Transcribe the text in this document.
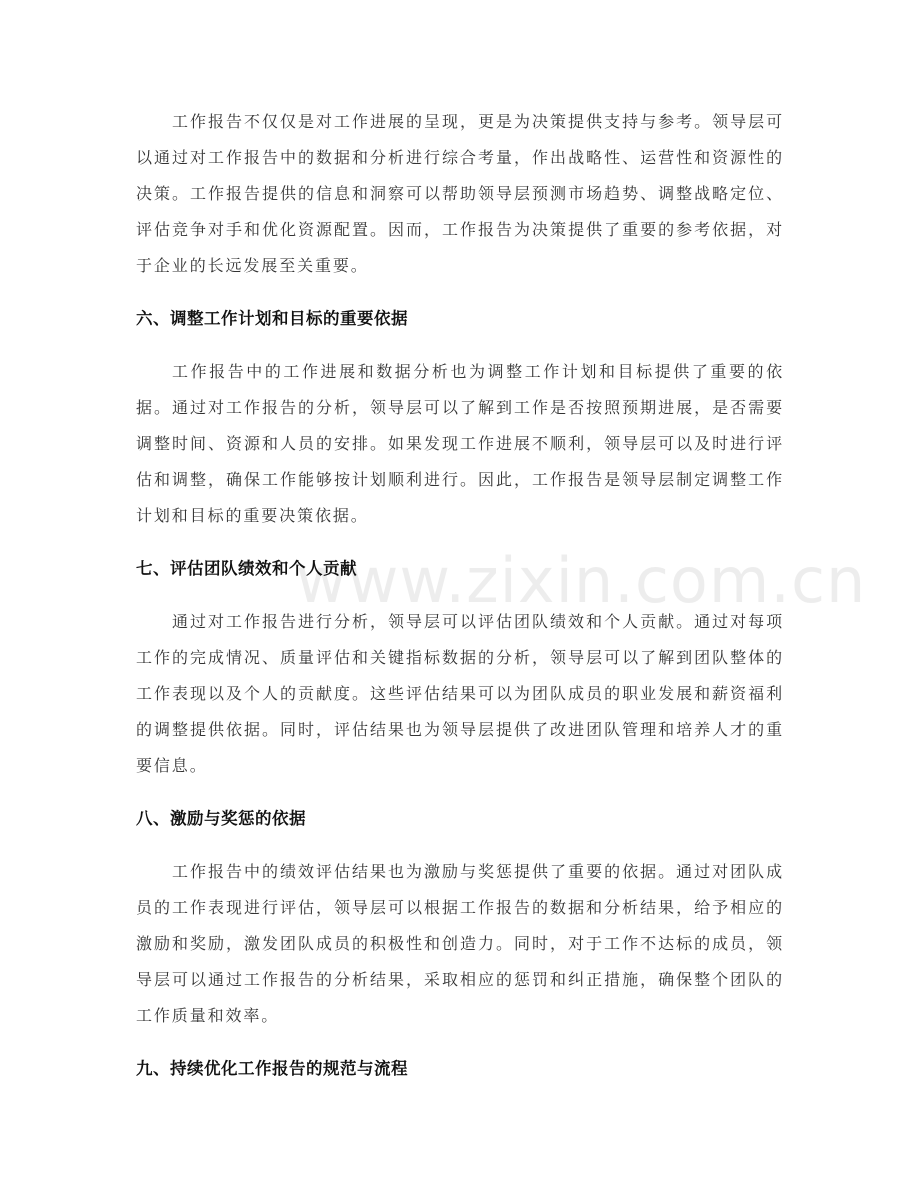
工作报告不仅仅是对工作进展的呈现，更是为决策提供支持与参考。领导层可以通过对工作报告中的数据和分析进行综合考量，作出战略性、运营性和资源性的决策。工作报告提供的信息和洞察可以帮助领导层预测市场趋势、调整战略定位、评估竞争对手和优化资源配置。因而，工作报告为决策提供了重要的参考依据，对于企业的长远发展至关重要。

六、调整工作计划和目标的重要依据

工作报告中的工作进展和数据分析也为调整工作计划和目标提供了重要的依据。通过对工作报告的分析，领导层可以了解到工作是否按照预期进展，是否需要调整时间、资源和人员的安排。如果发现工作进展不顺利，领导层可以及时进行评估和调整，确保工作能够按计划顺利进行。因此，工作报告是领导层制定调整工作计划和目标的重要决策依据。

七、评估团队绩效和个人贡献

通过对工作报告进行分析，领导层可以评估团队绩效和个人贡献。通过对每项工作的完成情况、质量评估和关键指标数据的分析，领导层可以了解到团队整体的工作表现以及个人的贡献度。这些评估结果可以为团队成员的职业发展和薪资福利的调整提供依据。同时，评估结果也为领导层提供了改进团队管理和培养人才的重要信息。

八、激励与奖惩的依据

工作报告中的绩效评估结果也为激励与奖惩提供了重要的依据。通过对团队成员的工作表现进行评估，领导层可以根据工作报告的数据和分析结果，给予相应的激励和奖励，激发团队成员的积极性和创造力。同时，对于工作不达标的成员，领导层可以通过工作报告的分析结果，采取相应的惩罚和纠正措施，确保整个团队的工作质量和效率。

九、持续优化工作报告的规范与流程
www.zixin.com.cn
